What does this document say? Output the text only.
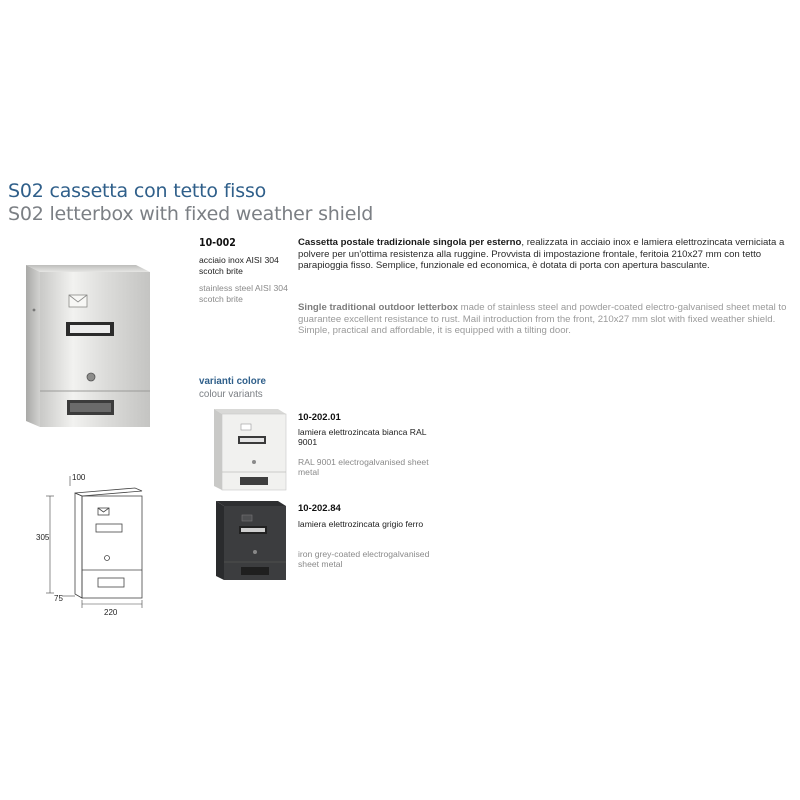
S02 cassetta con tetto fisso
S02 letterbox with fixed weather shield
100
305
75
220
10-002
acciaio inox AISI 304 scotch brite
stainless steel AISI 304 scotch brite
Cassetta postale tradizionale singola per esterno, realizzata in acciaio inox e lamiera elettrozincata verniciata a polvere per un'ottima resistenza alla ruggine. Provvista di impostazione frontale, feritoia 210x27 mm con tetto parapioggia fisso. Semplice, funzionale ed economica, è dotata di porta con apertura basculante.
Single traditional outdoor letterbox made of stainless steel and powder-coated electro-galvanised sheet metal to guarantee excellent resistance to rust. Mail introduction from the front, 210x27 mm slot with fixed weather shield. Simple, practical and affordable, it is equipped with a tilting door.
varianti colore
colour variants
10-202.01
lamiera elettrozincata bianca RAL 9001
RAL 9001 electrogalvanised sheet metal
10-202.84
lamiera elettrozincata grigio ferro
iron grey-coated electrogalvanised sheet metal
